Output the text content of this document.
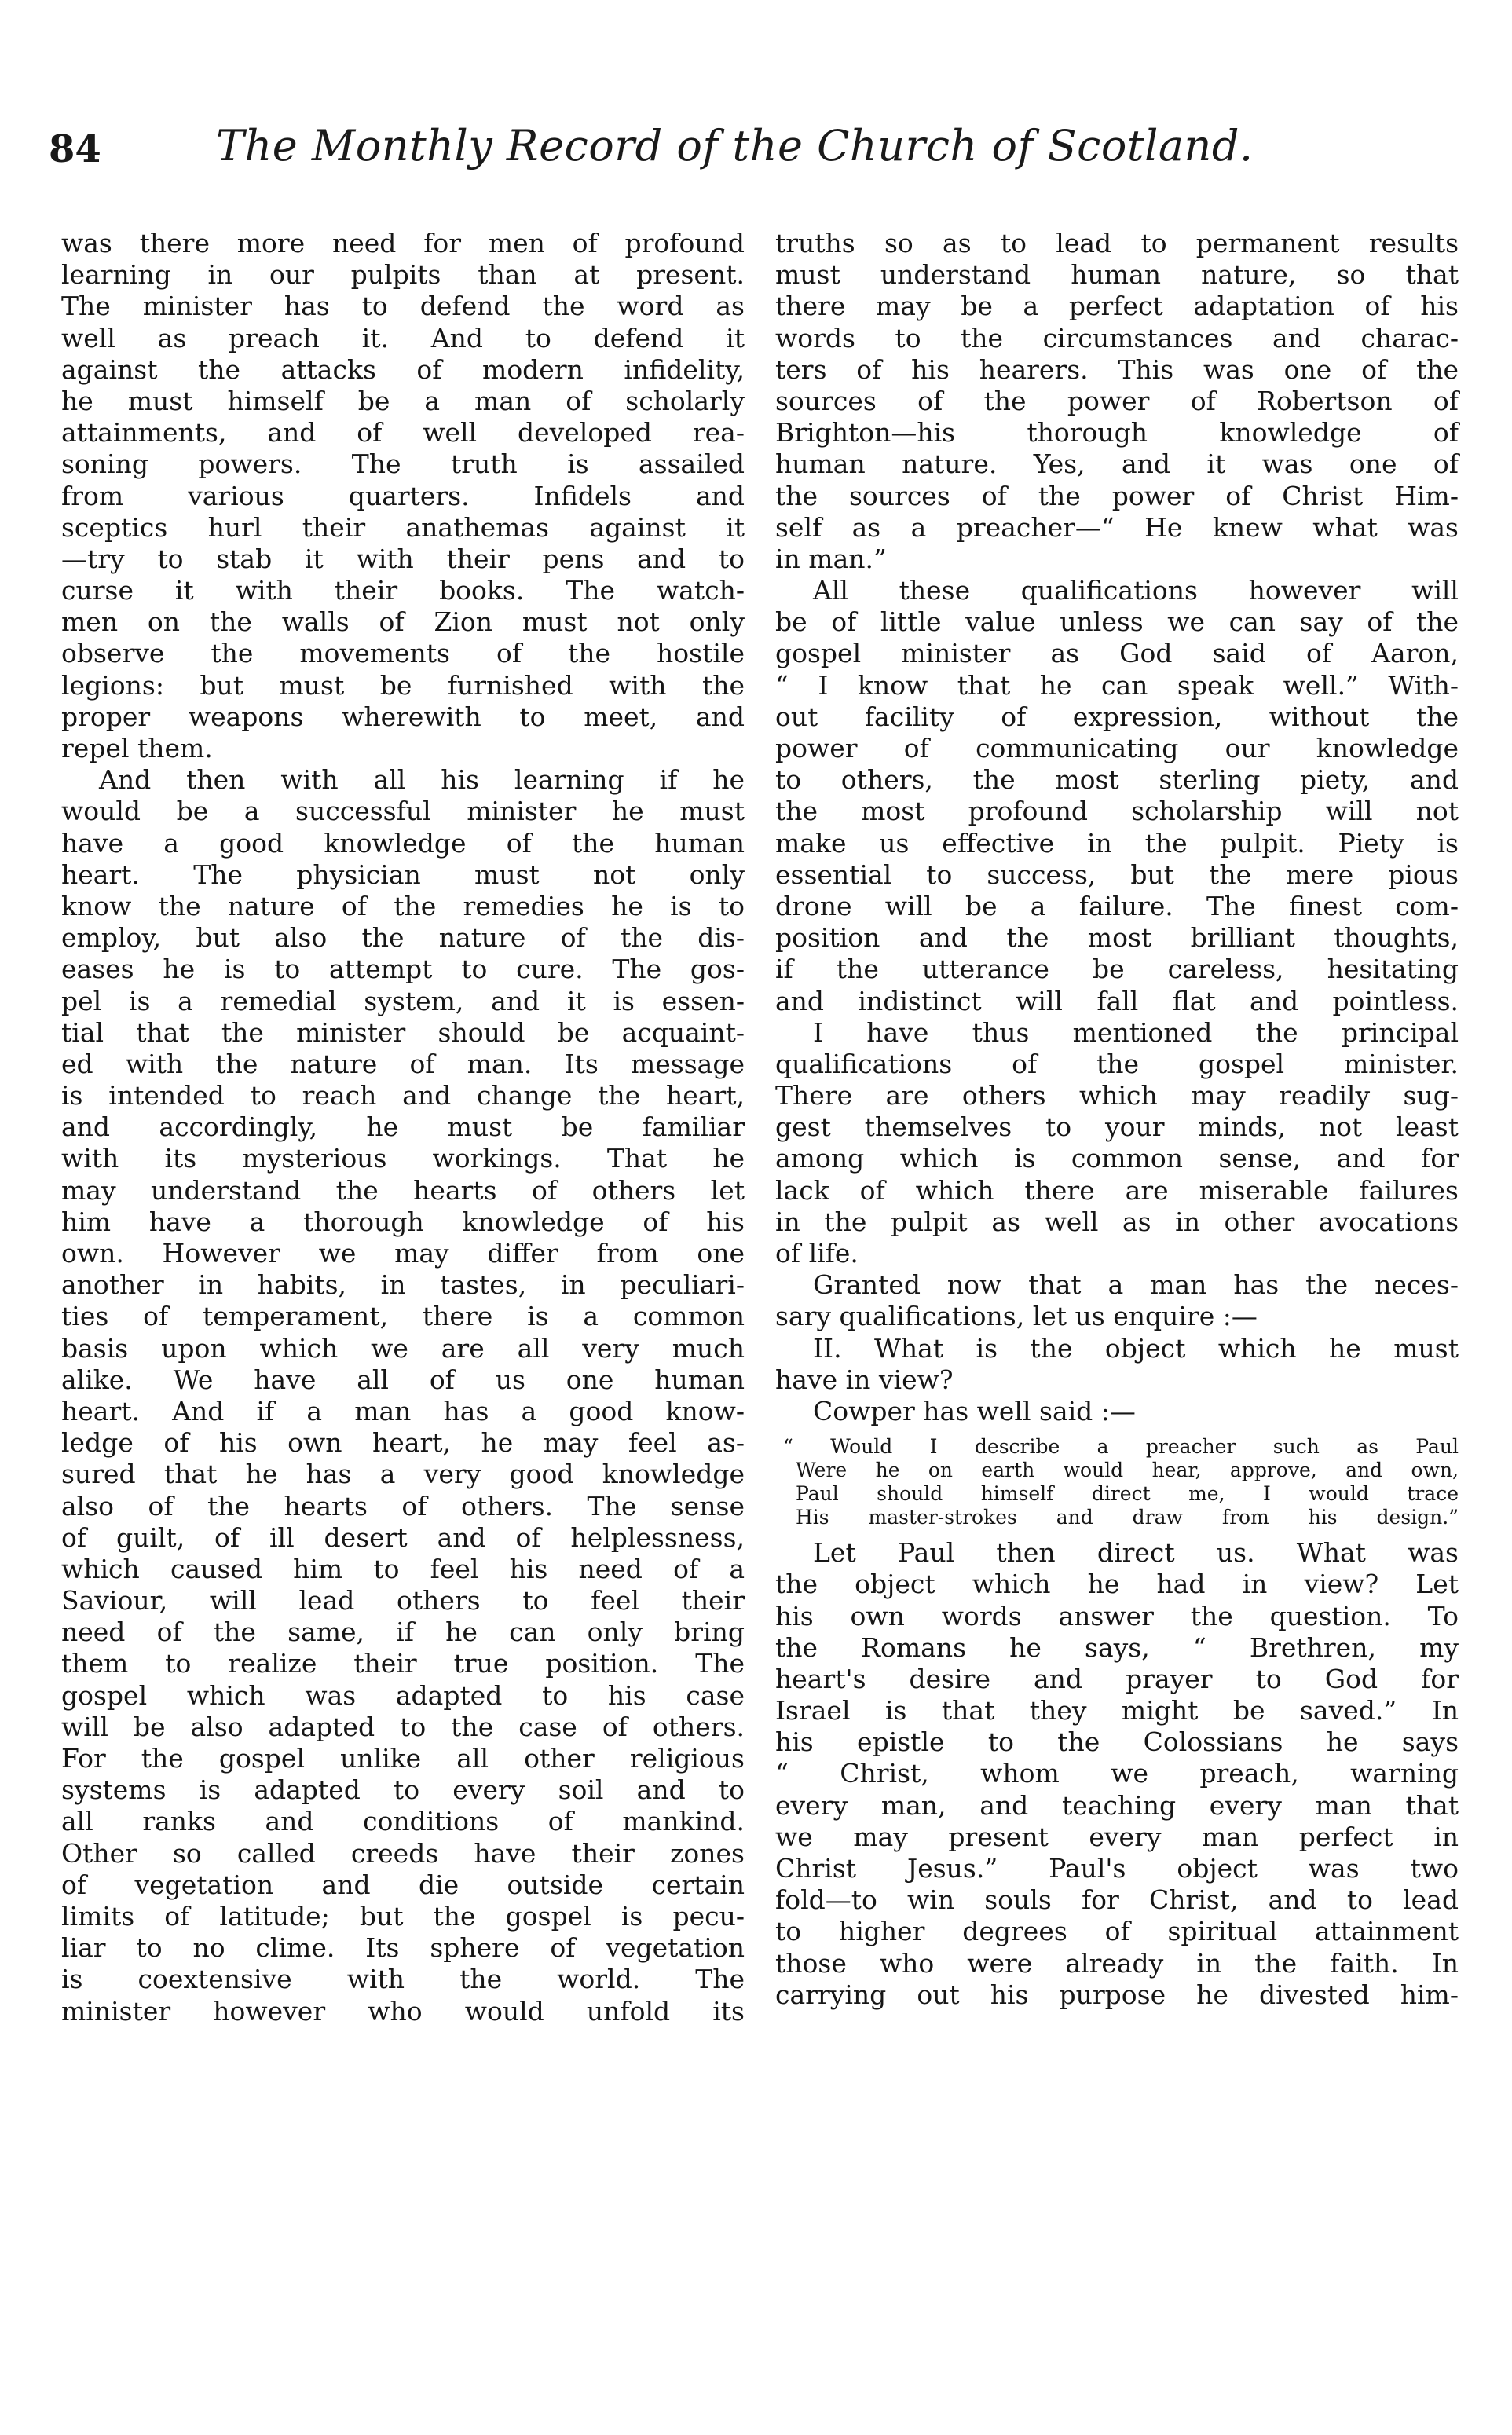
84	The Monthly Record of the Church of Scotland.
was there more need for men of profound
learning in our pulpits than at present.
The minister has to defend the word as
well as preach it. And to defend it
against the attacks of modern infidelity,
he must himself be a man of scholarly
attainments, and of well developed rea-
soning powers. The truth is assailed
from various quarters. Infidels and
sceptics hurl their anathemas against it
—try to stab it with their pens and to
curse it with their books. The watch-
men on the walls of Zion must not only
observe the movements of the hostile
legions: but must be furnished with the
proper weapons wherewith to meet, and
repel them.
And then with all his learning if he
would be a successful minister he must
have a good knowledge of the human
heart. The physician must not only
know the nature of the remedies he is to
employ, but also the nature of the dis-
eases he is to attempt to cure. The gos-
pel is a remedial system, and it is essen-
tial that the minister should be acquaint-
ed with the nature of man. Its message
is intended to reach and change the heart,
and accordingly, he must be familiar
with its mysterious workings. That he
may understand the hearts of others let
him have a thorough knowledge of his
own. However we may differ from one
another in habits, in tastes, in peculiari-
ties of temperament, there is a common
basis upon which we are all very much
alike. We have all of us one human
heart. And if a man has a good know-
ledge of his own heart, he may feel as-
sured that he has a very good knowledge
also of the hearts of others. The sense
of guilt, of ill desert and of helplessness,
which caused him to feel his need of a
Saviour, will lead others to feel their
need of the same, if he can only bring
them to realize their true position. The
gospel which was adapted to his case
will be also adapted to the case of others.
For the gospel unlike all other religious
systems is adapted to every soil and to
all ranks and conditions of mankind.
Other so called creeds have their zones
of vegetation and die outside certain
limits of latitude; but the gospel is pecu-
liar to no clime. Its sphere of vegetation
is coextensive with the world. The
minister however who would unfold its
truths so as to lead to permanent results
must understand human nature, so that
there may be a perfect adaptation of his
words to the circumstances and charac-
ters of his hearers. This was one of the
sources of the power of Robertson of
Brighton—his thorough knowledge of
human nature. Yes, and it was one of
the sources of the power of Christ Him-
self as a preacher—“ He knew what was
in man.”
All these qualifications however will
be of little value unless we can say of the
gospel minister as God said of Aaron,
“ I know that he can speak well.” With-
out facility of expression, without the
power of communicating our knowledge
to others, the most sterling piety, and
the most profound scholarship will not
make us effective in the pulpit. Piety is
essential to success, but the mere pious
drone will be a failure. The finest com-
position and the most brilliant thoughts,
if the utterance be careless, hesitating
and indistinct will fall flat and pointless.
I have thus mentioned the principal
qualifications of the gospel minister.
There are others which may readily sug-
gest themselves to your minds, not least
among which is common sense, and for
lack of which there are miserable failures
in the pulpit as well as in other avocations
of life.
Granted now that a man has the neces-
sary qualifications, let us enquire :—
II. What is the object which he must
have in view?
Cowper has well said :—
“ Would I describe a preacher such as Paul
Were he on earth would hear, approve, and own,
Paul should himself direct me, I would trace
His master-strokes and draw from his design.”
Let Paul then direct us. What was
the object which he had in view? Let
his own words answer the question. To
the Romans he says, “ Brethren, my
heart's desire and prayer to God for
Israel is that they might be saved.” In
his epistle to the Colossians he says
“ Christ, whom we preach, warning
every man, and teaching every man that
we may present every man perfect in
Christ Jesus.” Paul's object was two
fold—to win souls for Christ, and to lead
to higher degrees of spiritual attainment
those who were already in the faith. In
carrying out his purpose he divested him-
